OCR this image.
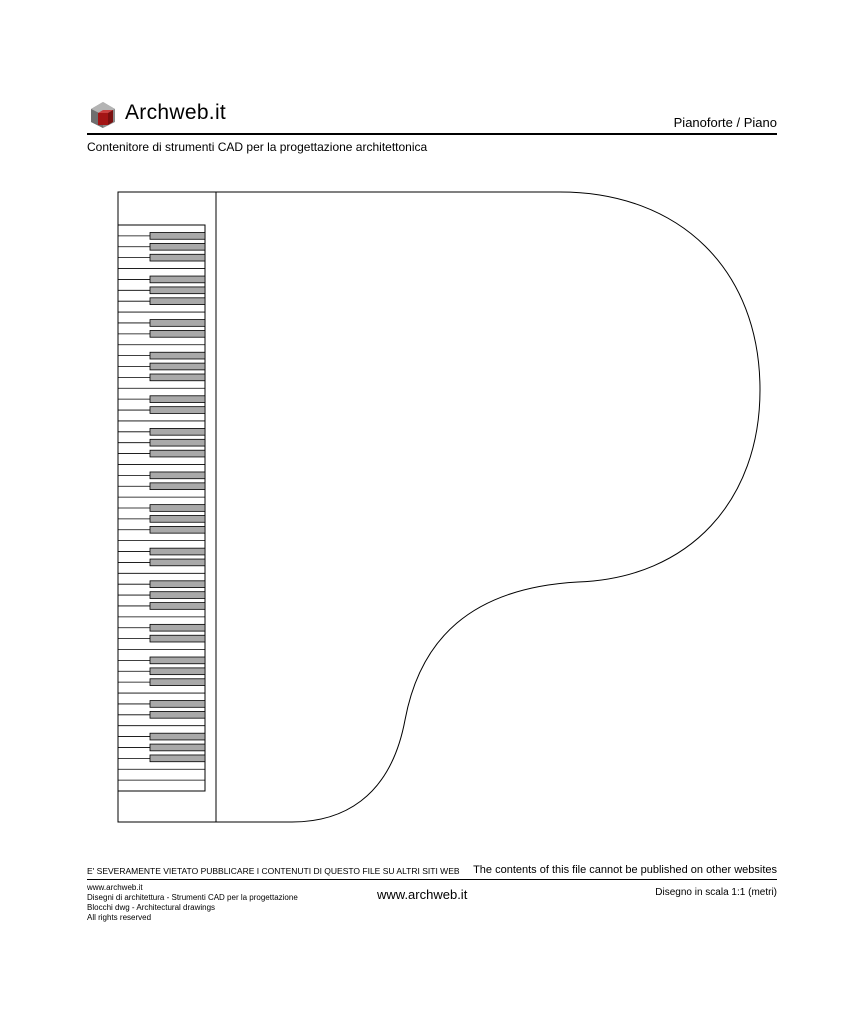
Archweb.it	Pianoforte / Piano
Contenitore di strumenti CAD per la progettazione architettonica
E' SEVERAMENTE VIETATO PUBBLICARE I CONTENUTI DI QUESTO FILE SU ALTRI SITI WEB The contents of this file cannot be published on other websites
www.archweb.it
Disegni di architettura - Strumenti CAD per la progettazione
Blocchi dwg - Architectural drawings
All rights reserved
www.archweb.it	Disegno in scala 1:1 (metri)
